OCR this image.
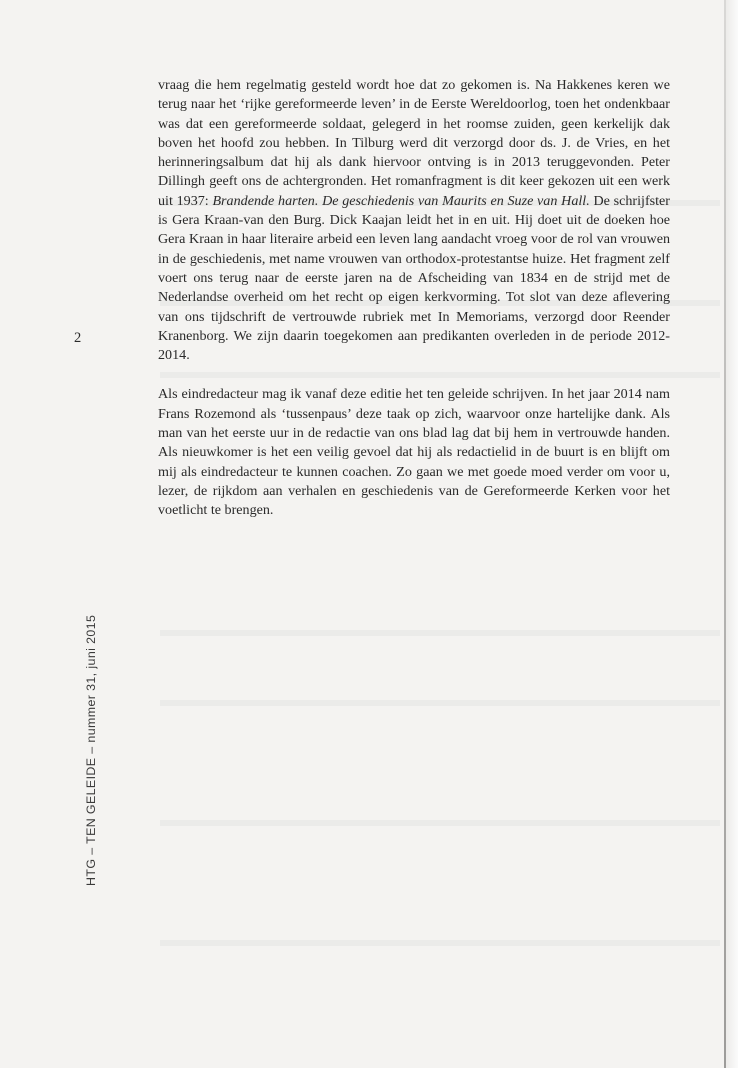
2
HTG – TEN GELEIDE – nummer 31, juni 2015

vraag die hem regelmatig gesteld wordt hoe dat zo gekomen is. Na Hakkenes keren we terug naar het ‘rijke gereformeerde leven’ in de Eerste Wereldoorlog, toen het ondenkbaar was dat een gereformeerde soldaat, gelegerd in het roomse zuiden, geen kerkelijk dak boven het hoofd zou hebben. In Tilburg werd dit verzorgd door ds. J. de Vries, en het herinneringsalbum dat hij als dank hiervoor ontving is in 2013 teruggevonden. Peter Dillingh geeft ons de achtergronden. Het romanfragment is dit keer gekozen uit een werk uit 1937: Brandende harten. De geschiedenis van Maurits en Suze van Hall. De schrijfster is Gera Kraan-van den Burg. Dick Kaajan leidt het in en uit. Hij doet uit de doeken hoe Gera Kraan in haar literaire arbeid een leven lang aandacht vroeg voor de rol van vrouwen in de geschiedenis, met name vrouwen van orthodox-protestantse huize. Het fragment zelf voert ons terug naar de eerste jaren na de Afscheiding van 1834 en de strijd met de Nederlandse overheid om het recht op eigen kerkvorming. Tot slot van deze aflevering van ons tijdschrift de vertrouwde rubriek met In Memoriams, verzorgd door Reender Kranenborg. We zijn daarin toegekomen aan predikanten overleden in de periode 2012-2014.

Als eindredacteur mag ik vanaf deze editie het ten geleide schrijven. In het jaar 2014 nam Frans Rozemond als ‘tussenpaus’ deze taak op zich, waarvoor onze hartelijke dank. Als man van het eerste uur in de redactie van ons blad lag dat bij hem in vertrouwde handen. Als nieuwkomer is het een veilig gevoel dat hij als redactielid in de buurt is en blijft om mij als eindredacteur te kunnen coachen. Zo gaan we met goede moed verder om voor u, lezer, de rijkdom aan verhalen en geschiedenis van de Gereformeerde Kerken voor het voetlicht te brengen.
